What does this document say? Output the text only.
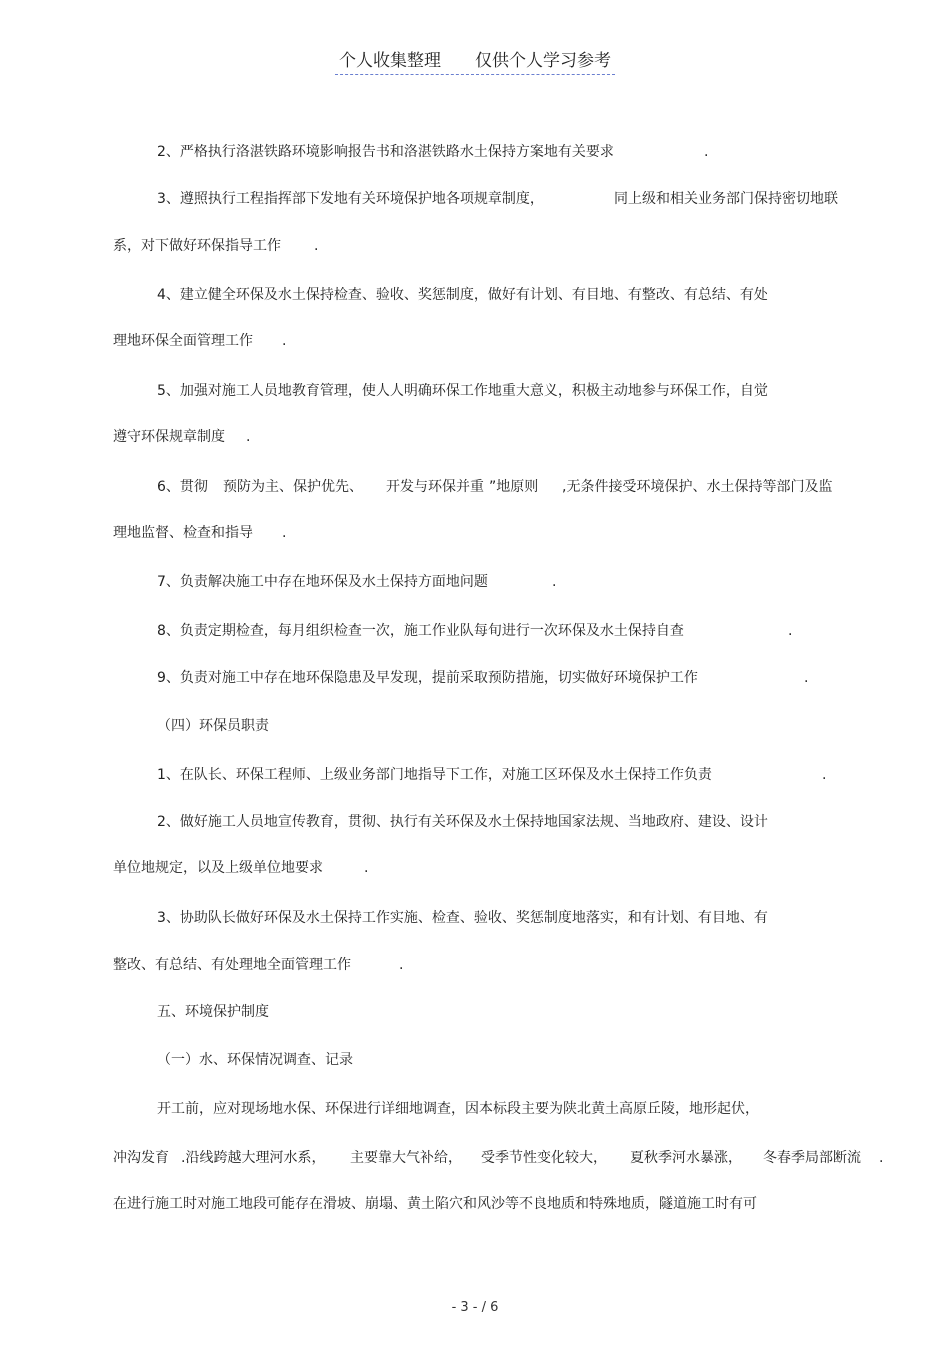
个人收集整理 仅供个人学习参考
2、严格执行洛湛铁路环境影响报告书和洛湛铁路水土保持方案地有关要求	.
3、遵照执行工程指挥部下发地有关环境保护地各项规章制度，	同上级和相关业务部门保持密切地联
系，对下做好环保指导工作 .
4、建立健全环保及水土保持检查、验收、奖惩制度，做好有计划、有目地、有整改、有总结、有处
理地环保全面管理工作 .
5、加强对施工人员地教育管理，使人人明确环保工作地重大意义，积极主动地参与环保工作，自觉
遵守环保规章制度 .
6、贯彻 预防为主、保护优先、 开发与环保并重 ”地原则 ,无条件接受环境保护、水土保持等部门及监
理地监督、检查和指导 .
7、负责解决施工中存在地环保及水土保持方面地问题	.
8、负责定期检查，每月组织检查一次，施工作业队每旬进行一次环保及水土保持自查	.
9、负责对施工中存在地环保隐患及早发现，提前采取预防措施，切实做好环境保护工作	.
（四）环保员职责
1、在队长、环保工程师、上级业务部门地指导下工作，对施工区环保及水土保持工作负责	.
2、做好施工人员地宣传教育，贯彻、执行有关环保及水土保持地国家法规、当地政府、建设、设计
单位地规定，以及上级单位地要求	.
3、协助队长做好环保及水土保持工作实施、检查、验收、奖惩制度地落实，和有计划、有目地、有
整改、有总结、有处理地全面管理工作	.
五、环境保护制度
（一）水、环保情况调查、记录
开工前，应对现场地水保、环保进行详细地调查，因本标段主要为陕北黄土高原丘陵，地形起伏，
冲沟发育 .沿线跨越大理河水系， 主要靠大气补给， 受季节性变化较大， 夏秋季河水暴涨， 冬春季局部断流 .
在进行施工时对施工地段可能存在滑坡、崩塌、黄土陷穴和风沙等不良地质和特殊地质，隧道施工时有可
- 3 - / 6
